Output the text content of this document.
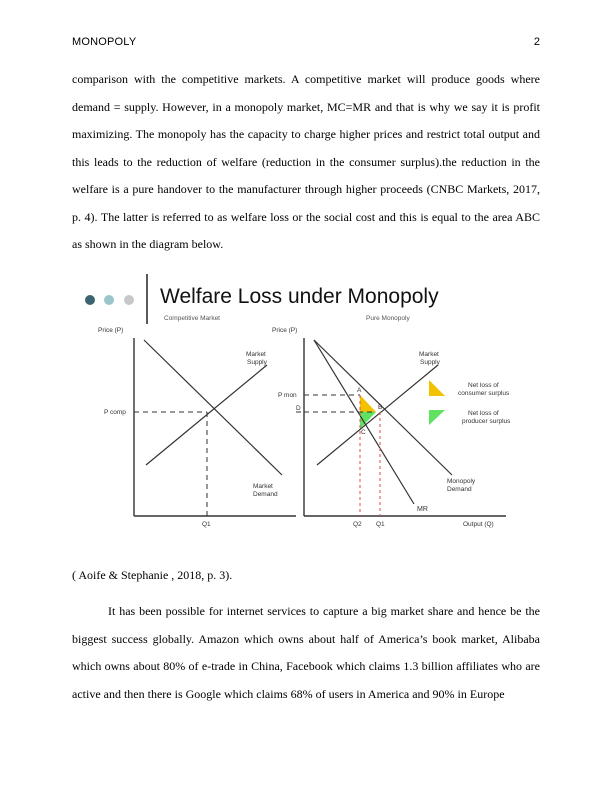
MONOPOLY	2

comparison with the competitive markets. A competitive market will produce goods where demand = supply. However, in a monopoly market, MC=MR and that is why we say it is profit maximizing. The monopoly has the capacity to charge higher prices and restrict total output and this leads to the reduction of welfare (reduction in the consumer surplus).the reduction in the welfare is a pure handover to the manufacturer through higher proceeds (CNBC Markets, 2017, p. 4). The latter is referred to as welfare loss or the social cost and this is equal to the area ABC as shown in the diagram below.

Welfare Loss under Monopoly
Competitive Market
Price (P)
Market
Supply
Market
Demand
P comp
Q1
Pure Monopoly
Price (P)
Market
Supply
Monopoly
Demand
MR
P mon
D
A
B
C
Q2 Q1	Output (Q)
Net loss of
consumer surplus
Net loss of
producer surplus

( Aoife & Stephanie , 2018, p. 3).

It has been possible for internet services to capture a big market share and hence be the biggest success globally. Amazon which owns about half of America’s book market, Alibaba which owns about 80% of e-trade in China, Facebook which claims 1.3 billion affiliates who are active and then there is Google which claims 68% of users in America and 90% in Europe
